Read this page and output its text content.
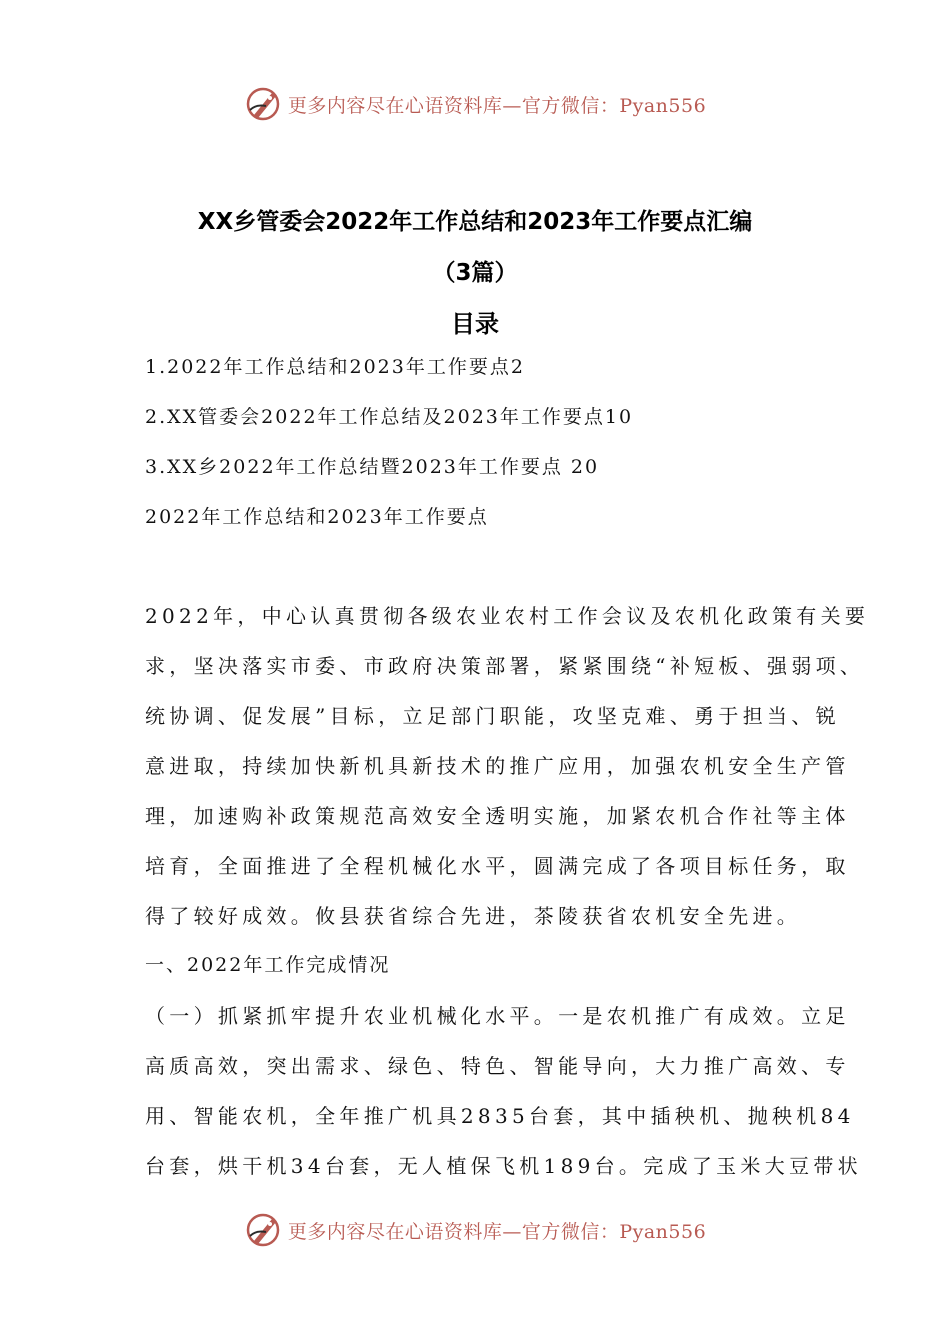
更多内容尽在心语资料库—官方微信：Pyan556
XX乡管委会2022年工作总结和2023年工作要点汇编
（3篇）
目录
1.2022年工作总结和2023年工作要点2
2.XX管委会2022年工作总结及2023年工作要点10
3.XX乡2022年工作总结暨2023年工作要点 20
2022年工作总结和2023年工作要点
2022年，中心认真贯彻各级农业农村工作会议及农机化政策有关要
求，坚决落实市委、市政府决策部署，紧紧围绕“补短板、强弱项、
统协调、促发展”目标，立足部门职能，攻坚克难、勇于担当、锐
意进取，持续加快新机具新技术的推广应用，加强农机安全生产管
理，加速购补政策规范高效安全透明实施，加紧农机合作社等主体
培育，全面推进了全程机械化水平，圆满完成了各项目标任务，取
得了较好成效。攸县获省综合先进，茶陵获省农机安全先进。
一、2022年工作完成情况
（一）抓紧抓牢提升农业机械化水平。一是农机推广有成效。立足
高质高效，突出需求、绿色、特色、智能导向，大力推广高效、专
用、智能农机，全年推广机具2835台套，其中插秧机、抛秧机84
台套，烘干机34台套，无人植保飞机189台。完成了玉米大豆带状
更多内容尽在心语资料库—官方微信：Pyan556
